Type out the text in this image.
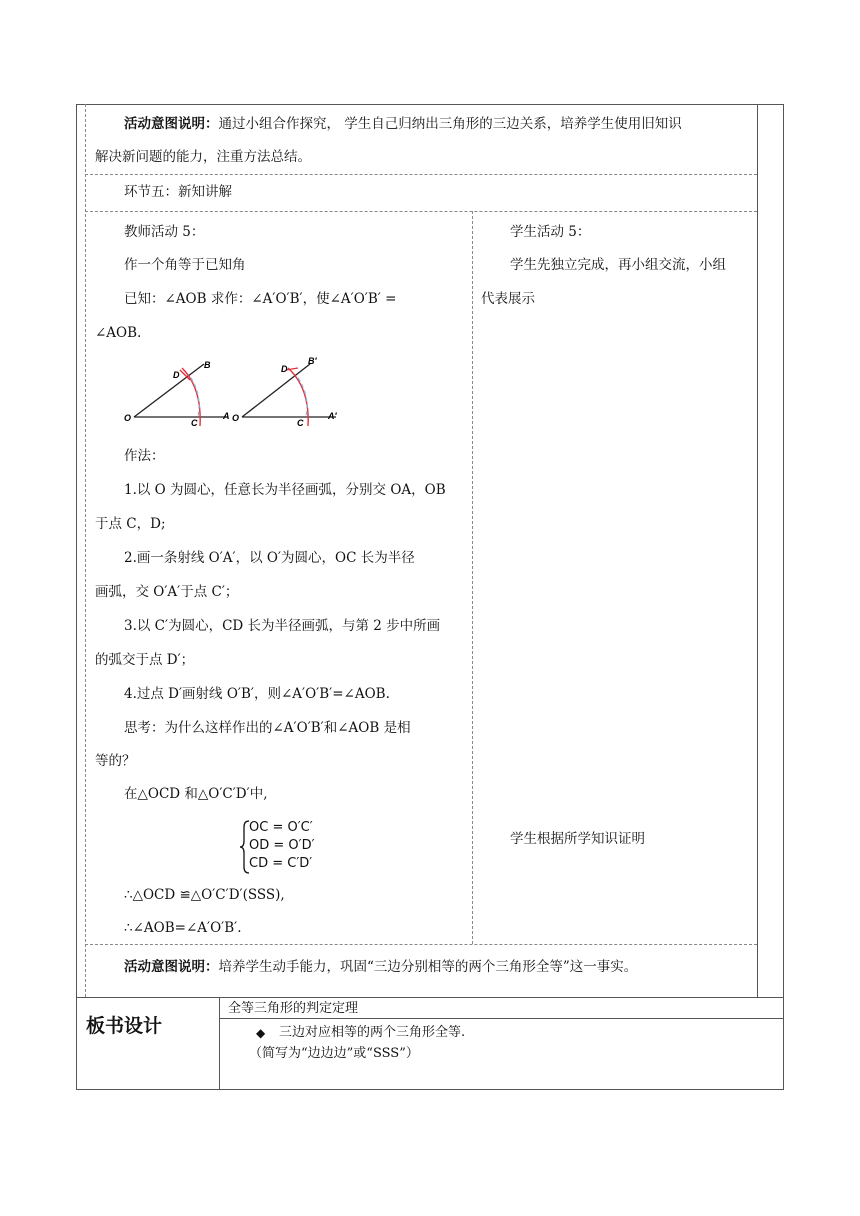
活动意图说明：通过小组合作探究， 学生自己归纳出三角形的三边关系，培养学生使用旧知识
解决新问题的能力，注重方法总结。
环节五：新知讲解
教师活动 5：
作一个角等于已知角
已知：∠AOB 求作：∠A′O′B′，使∠A′O′B′ =
∠AOB.
O	A
B
C
D
O	A′
B′
C
D
作法：
1.以 O 为圆心，任意长为半径画弧，分别交 OA，OB
于点 C，D;
2.画一条射线 O′A′，以 O′为圆心，OC 长为半径
画弧，交 O′A′于点 C′；
3.以 C′为圆心，CD 长为半径画弧，与第 2 步中所画
的弧交于点 D′；
4.过点 D′画射线 O′B′，则∠A′O′B′=∠AOB.
思考：为什么这样作出的∠A′O′B′和∠AOB 是相
等的？
在△OCD 和△O′C′D′中,
OC = O′C′
OD = O′D′
CD = C′D′
∴△OCD ≌△O′C′D′(SSS),
∴∠AOB=∠A′O′B′.
学生活动 5：
学生先独立完成，再小组交流，小组
代表展示
学生根据所学知识证明
活动意图说明：培养学生动手能力，巩固“三边分别相等的两个三角形全等”这一事实。
板书设计
全等三角形的判定定理
◆ 三边对应相等的两个三角形全等.
（简写为“边边边”或“SSS”）
